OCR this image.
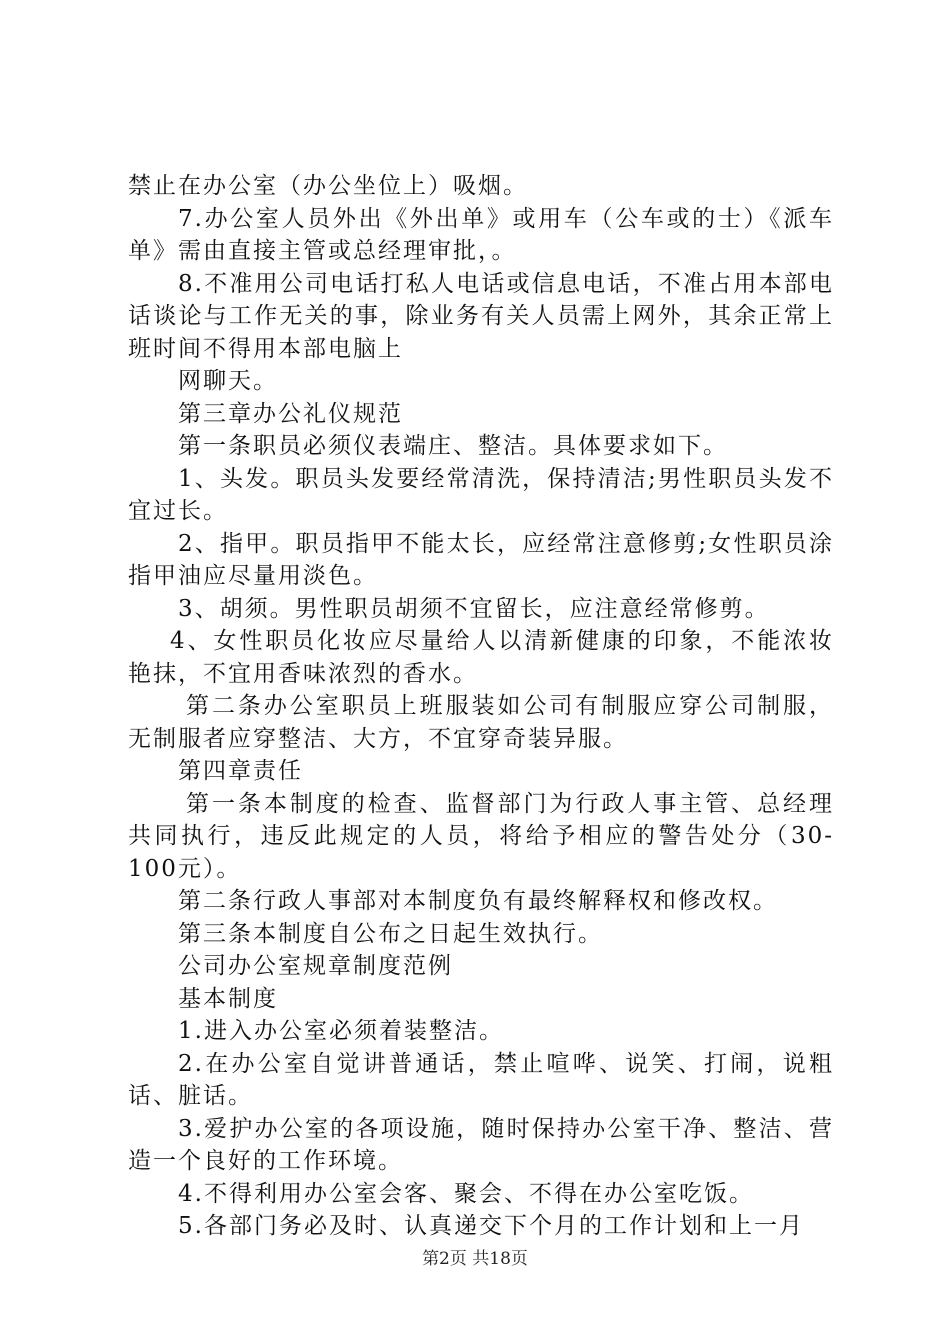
禁止在办公室（办公坐位上）吸烟。

7.办公室人员外出《外出单》或用车（公车或的士）《派车单》需由直接主管或总经理审批，。

8.不准用公司电话打私人电话或信息电话，不准占用本部电话谈论与工作无关的事，除业务有关人员需上网外，其余正常上班时间不得用本部电脑上

网聊天。

第三章办公礼仪规范

第一条职员必须仪表端庄、整洁。具体要求如下。

1、头发。职员头发要经常清洗，保持清洁;男性职员头发不宜过长。

2、指甲。职员指甲不能太长，应经常注意修剪;女性职员涂指甲油应尽量用淡色。

3、胡须。男性职员胡须不宜留长，应注意经常修剪。

4、女性职员化妆应尽量给人以清新健康的印象，不能浓妆艳抹，不宜用香味浓烈的香水。

第二条办公室职员上班服装如公司有制服应穿公司制服，无制服者应穿整洁、大方，不宜穿奇装异服。

第四章责任

第一条本制度的检查、监督部门为行政人事主管、总经理共同执行，违反此规定的人员，将给予相应的警告处分（30-100元）。

第二条行政人事部对本制度负有最终解释权和修改权。

第三条本制度自公布之日起生效执行。

公司办公室规章制度范例

基本制度

1.进入办公室必须着装整洁。

2.在办公室自觉讲普通话，禁止喧哗、说笑、打闹，说粗话、脏话。

3.爱护办公室的各项设施，随时保持办公室干净、整洁、营造一个良好的工作环境。

4.不得利用办公室会客、聚会、不得在办公室吃饭。

5.各部门务必及时、认真递交下个月的工作计划和上一月

第2页 共18页
